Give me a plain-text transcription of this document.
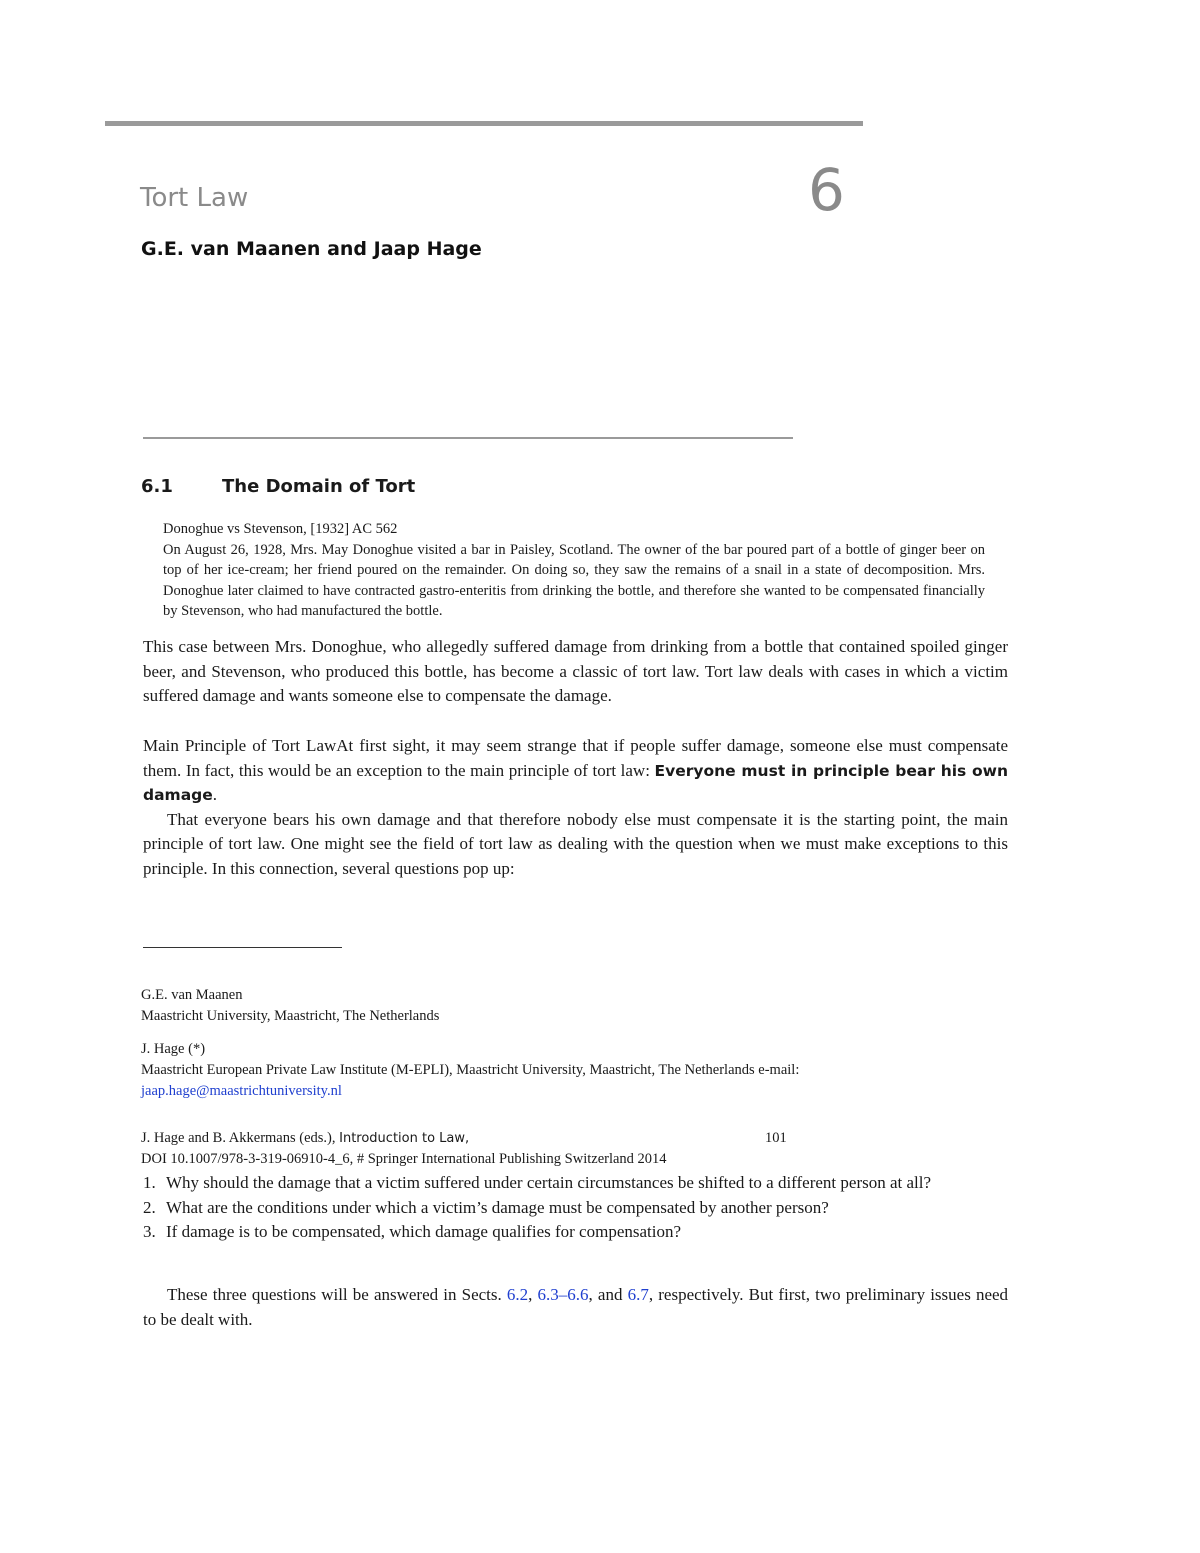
Tort Law	6
G.E. van Maanen and Jaap Hage
6.1	The Domain of Tort

Donoghue vs Stevenson, [1932] AC 562

On August 26, 1928, Mrs. May Donoghue visited a bar in Paisley, Scotland. The owner of the bar poured part of a bottle of ginger beer on top of her ice-cream; her friend poured on the remainder. On doing so, they saw the remains of a snail in a state of decomposition. Mrs. Donoghue later claimed to have contracted gastro-enteritis from drinking the bottle, and therefore she wanted to be compensated financially by Stevenson, who had manufactured the bottle.

This case between Mrs. Donoghue, who allegedly suffered damage from drinking from a bottle that contained spoiled ginger beer, and Stevenson, who produced this bottle, has become a classic of tort law. Tort law deals with cases in which a victim suffered damage and wants someone else to compensate the damage.

Main Principle of Tort LawAt first sight, it may seem strange that if people suffer damage, someone else must compensate them. In fact, this would be an exception to the main principle of tort law: Everyone must in principle bear his own damage.

That everyone bears his own damage and that therefore nobody else must compensate it is the starting point, the main principle of tort law. One might see the field of tort law as dealing with the question when we must make exceptions to this principle. In this connection, several questions pop up:

G.E. van Maanen

Maastricht University, Maastricht, The Netherlands

J. Hage (*)

Maastricht European Private Law Institute (M-EPLI), Maastricht University, Maastricht, The Netherlands e-mail:

jaap.hage@maastrichtuniversity.nl

J. Hage and B. Akkermans (eds.), Introduction to Law,	101

DOI 10.1007/978-3-319-06910-4_6, # Springer International Publishing Switzerland 2014

1. Why should the damage that a victim suffered under certain circumstances be shifted to a different person at all?
2. What are the conditions under which a victim’s damage must be compensated by another person?
3. If damage is to be compensated, which damage qualifies for compensation?

These three questions will be answered in Sects. 6.2, 6.3–6.6, and 6.7, respectively. But first, two preliminary issues need to be dealt with.
